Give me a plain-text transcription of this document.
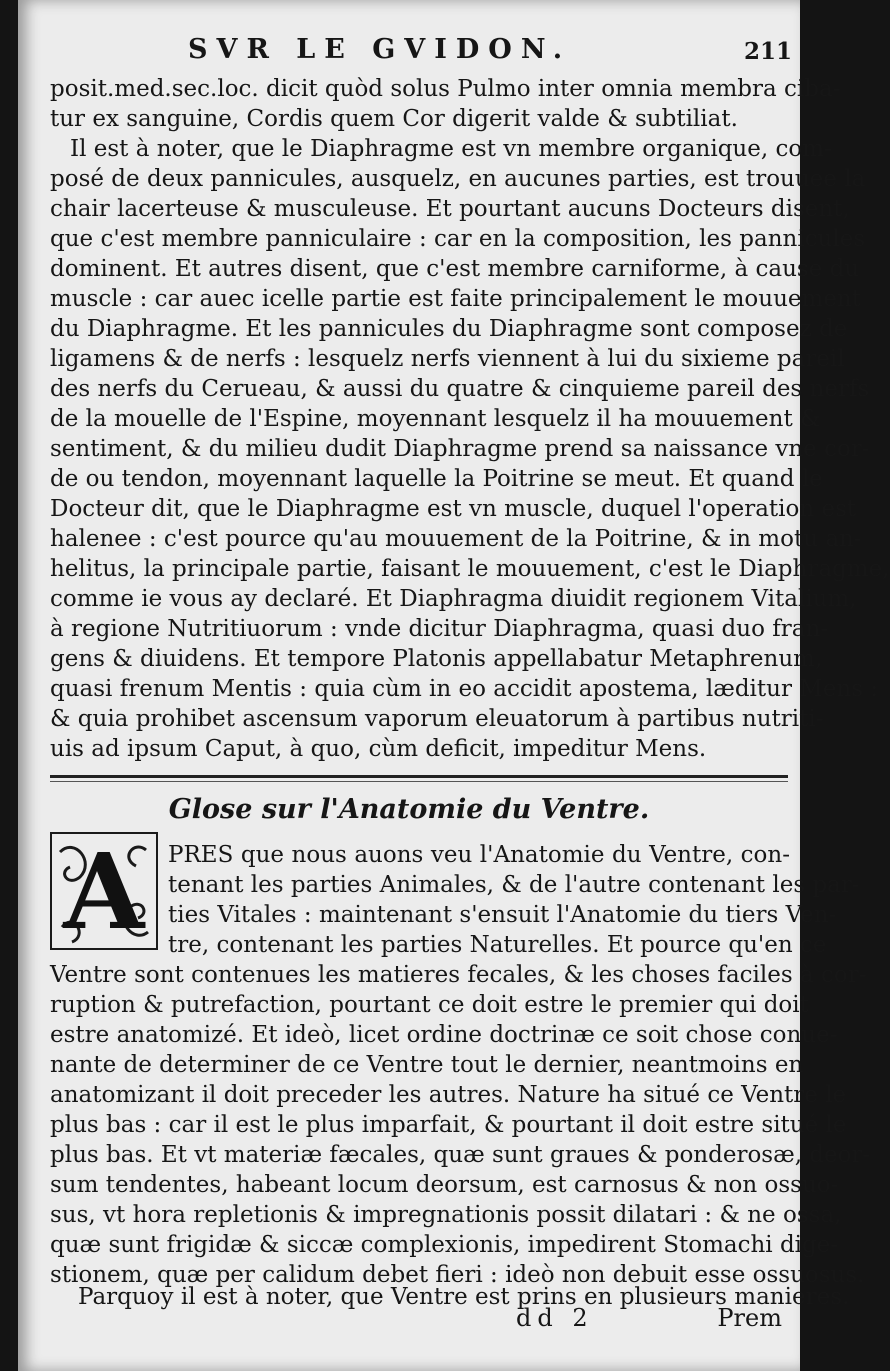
SVR LE GVIDON.	211

posit.med.sec.loc. dicit quòd solus Pulmo inter omnia membra ciba-

tur ex sanguine, Cordis quem Cor digerit valde & subtiliat.

Il est à noter, que le Diaphragme est vn membre organique, com-

posé de deux pannicules, ausquelz, en aucunes parties, est trouuee la

chair lacerteuse & musculeuse. Et pourtant aucuns Docteurs disent,

que c'est membre panniculaire : car en la composition, les pannicules

dominent. Et autres disent, que c'est membre carniforme, à cause du

muscle : car auec icelle partie est faite principalement le mouuement

du Diaphragme. Et les pannicules du Diaphragme sont composez de

ligamens & de nerfs : lesquelz nerfs viennent à lui du sixieme pareil

des nerfs du Cerueau, & aussi du quatre & cinquieme pareil des nerfs

de la mouelle de l'Espine, moyennant lesquelz il ha mouuement &

sentiment, & du milieu dudit Diaphragme prend sa naissance vne cor-

de ou tendon, moyennant laquelle la Poitrine se meut. Et quand le

Docteur dit, que le Diaphragme est vn muscle, duquel l'operation est

halenee : c'est pource qu'au mouuement de la Poitrine, & in motu an-

helitus, la principale partie, faisant le mouuement, c'est le Diaphragme,

comme ie vous ay declaré. Et Diaphragma diuidit regionem Vitalium,

à regione Nutritiuorum : vnde dicitur Diaphragma, quasi duo fran-

gens & diuidens. Et tempore Platonis appellabatur Metaphrenum,

quasi frenum Mentis : quia cùm in eo accidit apostema, læditur Mens :

& quia prohibet ascensum vaporum eleuatorum à partibus nutriti-

uis ad ipsum Caput, à quo, cùm deficit, impeditur Mens.

Glose sur l'Anatomie du Ventre.
A PRES que nous auons veu l'Anatomie du Ventre, con-

tenant les parties Animales, & de l'autre contenant les par-

ties Vitales : maintenant s'ensuit l'Anatomie du tiers Ven-

tre, contenant les parties Naturelles. Et pource qu'en ce

Ventre sont contenues les matieres fecales, & les choses faciles à cor-

ruption & putrefaction, pourtant ce doit estre le premier qui doit

estre anatomizé. Et ideò, licet ordine doctrinæ ce soit chose conue-

nante de determiner de ce Ventre tout le dernier, neantmoins en

anatomizant il doit preceder les autres. Nature ha situé ce Ventre le

plus bas : car il est le plus imparfait, & pourtant il doit estre situé le

plus bas. Et vt materiæ fæcales, quæ sunt graues & ponderosæ, deor-

sum tendentes, habeant locum deorsum, est carnosus & non ossuo-

sus, vt hora repletionis & impregnationis possit dilatari : & ne ossa,

quæ sunt frigidæ & siccæ complexionis, impedirent Stomachi dige-

stionem, quæ per calidum debet fieri : ideò non debuit esse ossuosus.

Parquoy il est à noter, que Ventre est prins en plusieurs manieres.

dd 2	Prem
